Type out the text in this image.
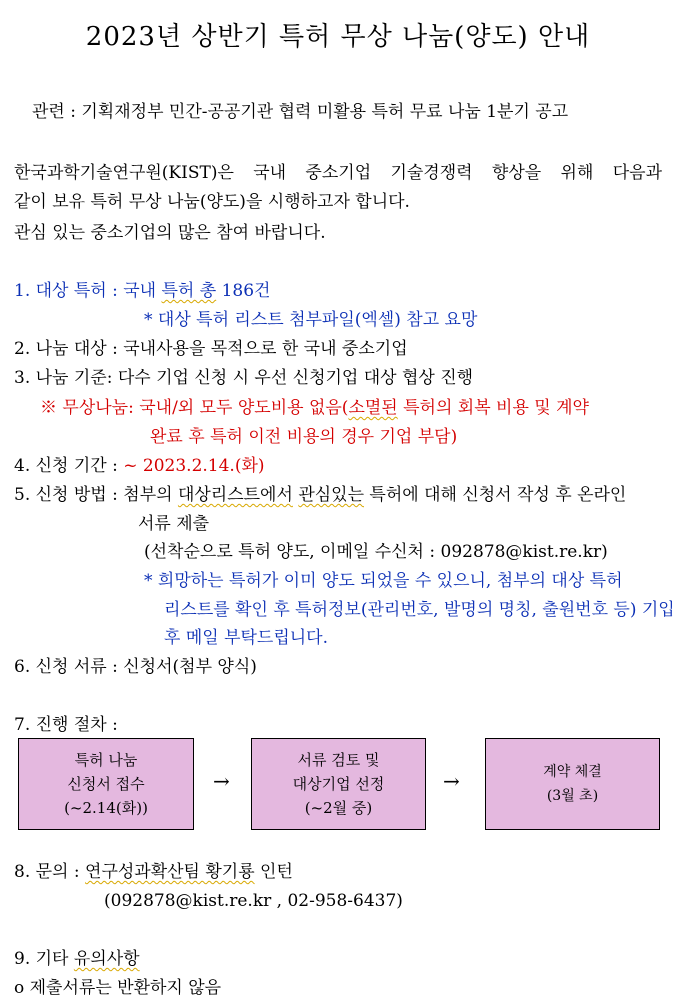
2023년 상반기 특허 무상 나눔(양도) 안내
관련 : 기획재정부 민간-공공기관 협력 미활용 특허 무료 나눔 1분기 공고
한국과학기술연구원(KIST)은 국내 중소기업 기술경쟁력 향상을 위해 다음과
같이 보유 특허 무상 나눔(양도)을 시행하고자 합니다.
관심 있는 중소기업의 많은 참여 바랍니다.
1. 대상 특허 : 국내 특허 총 186건
* 대상 특허 리스트 첨부파일(엑셀) 참고 요망
2. 나눔 대상 : 국내사용을 목적으로 한 국내 중소기업
3. 나눔 기준: 다수 기업 신청 시 우선 신청기업 대상 협상 진행
※ 무상나눔: 국내/외 모두 양도비용 없음(소멸된 특허의 회복 비용 및 계약
완료 후 특허 이전 비용의 경우 기업 부담)
4. 신청 기간 : ~ 2023.2.14.(화)
5. 신청 방법 : 첨부의 대상리스트에서 관심있는 특허에 대해 신청서 작성 후 온라인
서류 제출
(선착순으로 특허 양도, 이메일 수신처 : 092878@kist.re.kr)
* 희망하는 특허가 이미 양도 되었을 수 있으니, 첨부의 대상 특허
리스트를 확인 후 특허정보(관리번호, 발명의 명칭, 출원번호 등) 기입
후 메일 부탁드립니다.
6. 신청 서류 : 신청서(첨부 양식)
7. 진행 절차 :
특허 나눔
신청서 접수
(~2.14(화))
→
서류 검토 및
대상기업 선정
(~2월 중)
→	계약 체결
(3월 초)
8. 문의 : 연구성과확산팀 황기룡 인턴
(092878@kist.re.kr , 02-958-6437)
9. 기타 유의사항
o 제출서류는 반환하지 않음
